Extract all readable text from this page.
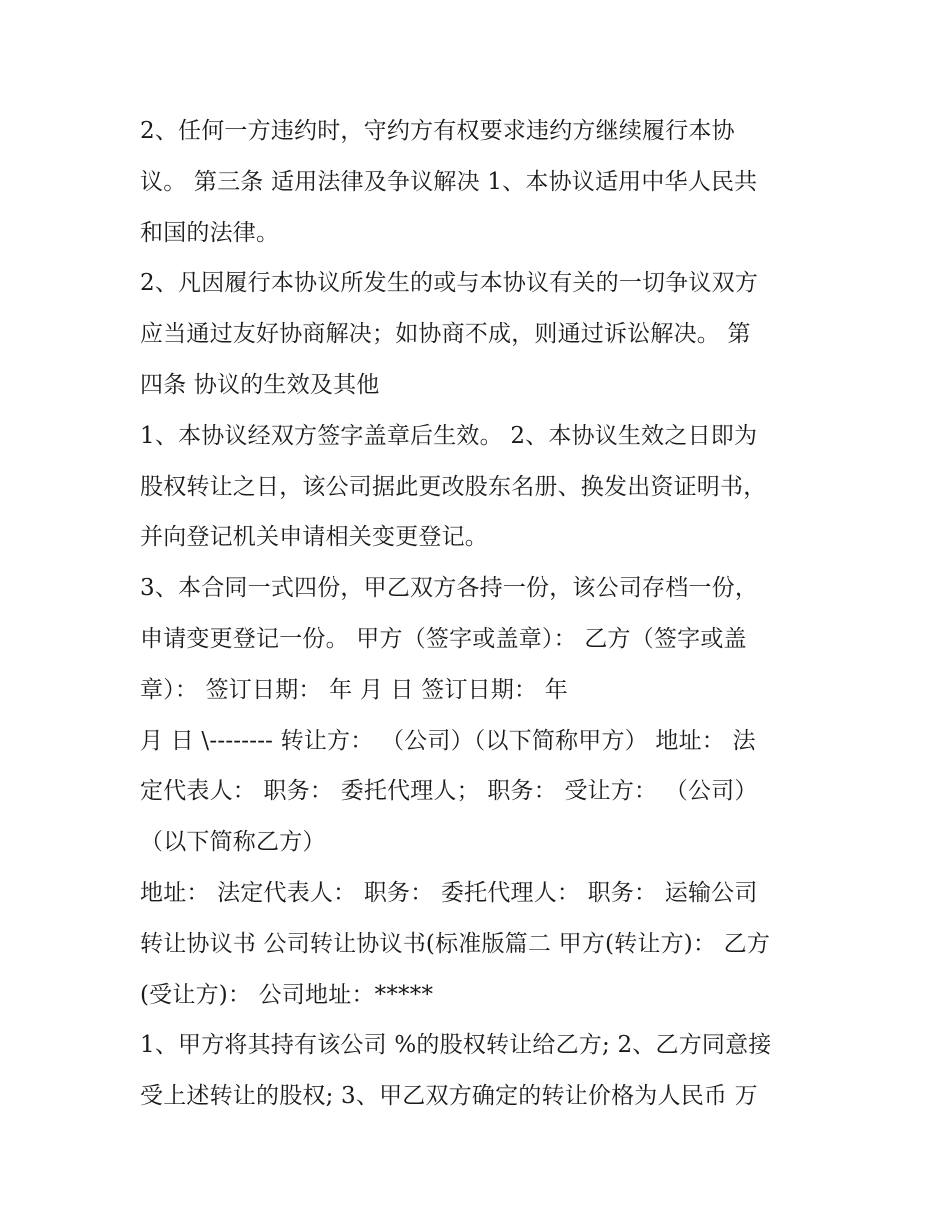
2、任何一方违约时，守约方有权要求违约方继续履行本协
议。 第三条 适用法律及争议解决 1、本协议适用中华人民共
和国的法律。
2、凡因履行本协议所发生的或与本协议有关的一切争议双方
应当通过友好协商解决；如协商不成，则通过诉讼解决。 第
四条 协议的生效及其他
1、本协议经双方签字盖章后生效。 2、本协议生效之日即为
股权转让之日，该公司据此更改股东名册、换发出资证明书，
并向登记机关申请相关变更登记。
3、本合同一式四份，甲乙双方各持一份，该公司存档一份，
申请变更登记一份。 甲方（签字或盖章）： 乙方（签字或盖
章）： 签订日期： 年 月 日 签订日期： 年
月 日 \-------- 转让方： （公司）（以下简称甲方） 地址： 法
定代表人： 职务： 委托代理人； 职务： 受让方： （公司）
（以下简称乙方）
地址： 法定代表人： 职务： 委托代理人： 职务： 运输公司
转让协议书 公司转让协议书(标准版篇二 甲方(转让方)： 乙方
(受让方)： 公司地址：*****
1、甲方将其持有该公司 %的股权转让给乙方; 2、乙方同意接
受上述转让的股权; 3、甲乙双方确定的转让价格为人民币 万
